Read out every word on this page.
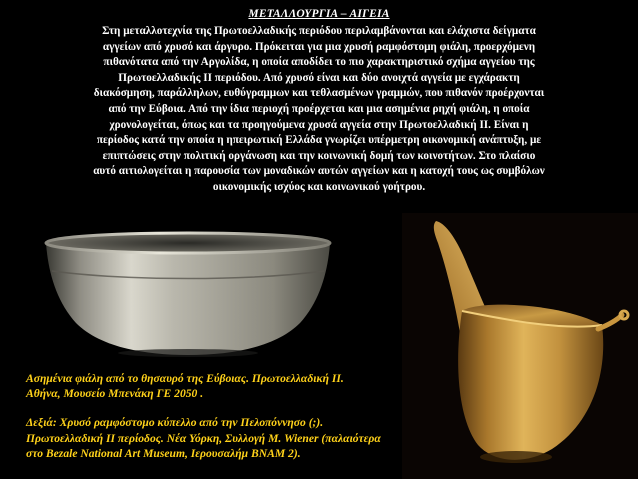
ΜΕΤΑΛΛΟΥΡΓΙΑ – ΑΙΓΕΙΑ
Στη μεταλλοτεχνία της Πρωτοελλαδικής περιόδου περιλαμβάνονται και ελάχιστα δείγματα
αγγείων από χρυσό και άργυρο. Πρόκειται για μια χρυσή ραμφόστομη φιάλη, προερχόμενη
πιθανότατα από την Αργολίδα, η οποία αποδίδει το πιο χαρακτηριστικό σχήμα αγγείου της
Πρωτοελλαδικής ΙΙ περιόδου. Από χρυσό είναι και δύο ανοιχτά αγγεία με εγχάρακτη
διακόσμηση, παράλληλων, ευθύγραμμων και τεθλασμένων γραμμών, που πιθανόν προέρχονται
από την Εύβοια. Από την ίδια περιοχή προέρχεται και μια ασημένια ρηχή φιάλη, η οποία
χρονολογείται, όπως και τα προηγούμενα χρυσά αγγεία στην Πρωτοελλαδική ΙΙ. Είναι η
περίοδος κατά την οποία η ηπειρωτική Ελλάδα γνωρίζει υπέρμετρη οικονομική ανάπτυξη, με
επιπτώσεις στην πολιτική οργάνωση και την κοινωνική δομή των κοινοτήτων. Στο πλαίσιο
αυτό αιτιολογείται η παρουσία των μοναδικών αυτών αγγείων και η κατοχή τους ως συμβόλων
οικονομικής ισχύος και κοινωνικού γοήτρου.
Ασημένια φιάλη από το θησαυρό της Εύβοιας. Πρωτοελλαδική ΙΙ.
Αθήνα, Μουσείο Μπενάκη ΓΕ 2050 .
Δεξιά: Χρυσό ραμφόστομο κύπελλο από την Πελοπόννησο (;).
Πρωτοελλαδική ΙΙ περίοδος. Νέα Υόρκη, Συλλογή Μ. Wiener (παλαιότερα
στο Bezale National Art Museum, Ιερουσαλήμ BNAM 2).
